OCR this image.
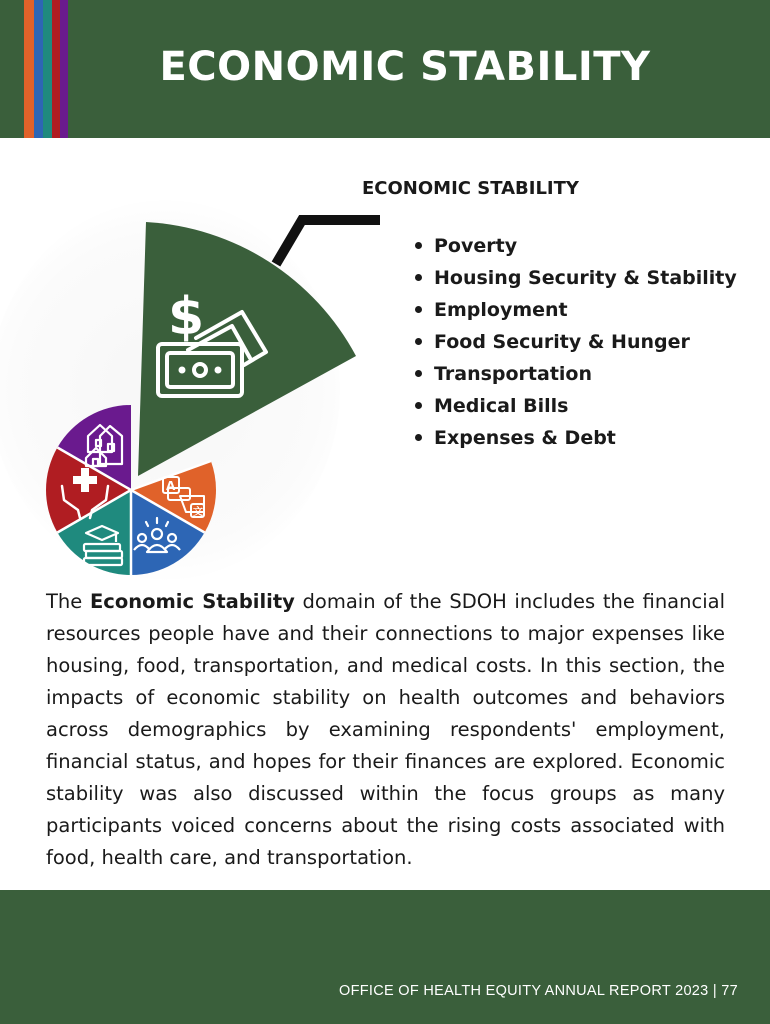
ECONOMIC STABILITY
$
A
文
ECONOMIC STABILITY
Poverty
Housing Security & Stability
Employment
Food Security & Hunger
Transportation
Medical Bills
Expenses & Debt

The Economic Stability domain of the SDOH includes the financial resources people have and their connections to major expenses like housing, food, transportation, and medical costs. In this section, the impacts of economic stability on health outcomes and behaviors across demographics by examining respondents' employment, financial status, and hopes for their finances are explored. Economic stability was also discussed within the focus groups as many participants voiced concerns about the rising costs associated with food, health care, and transportation.

OFFICE OF HEALTH EQUITY ANNUAL REPORT 2023 | 77
